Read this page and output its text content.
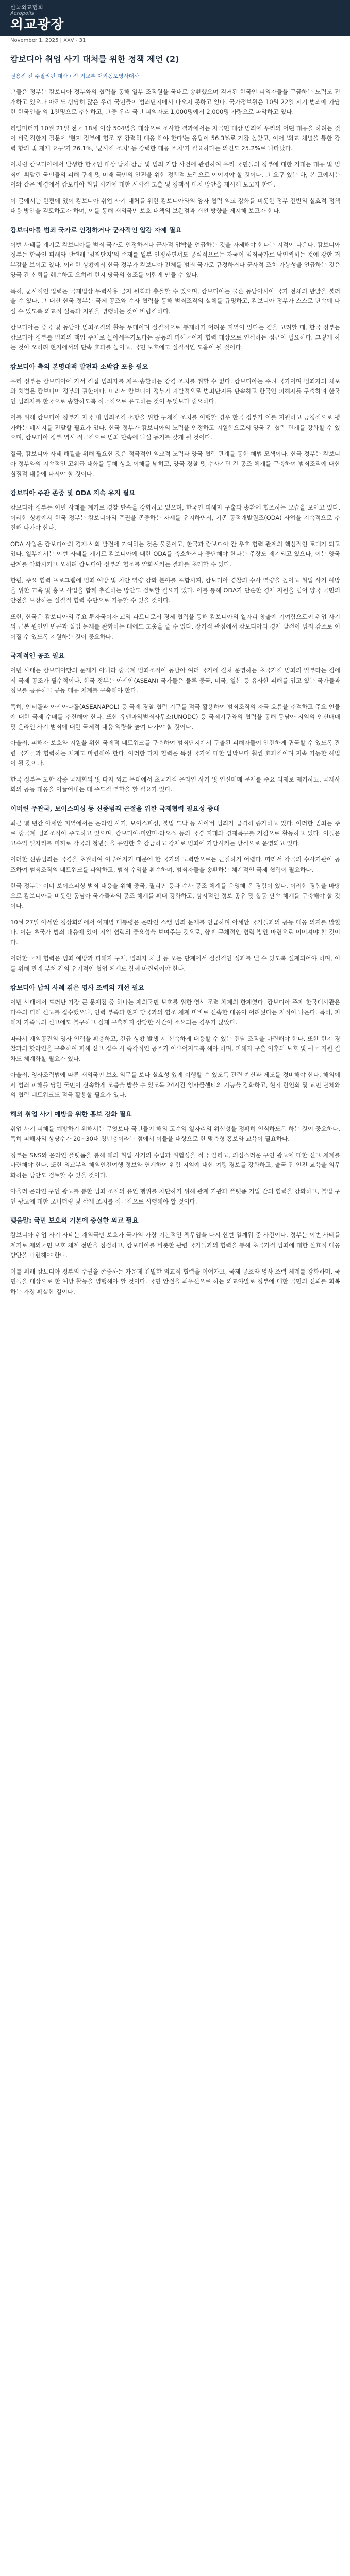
한국외교협회
Acropolis
외교광장
November 1, 2025 | XXV - 31
캄보디아 취업 사기 대처를 위한 정책 제언 (2)
권용진 전 주필리핀 대사 / 전 외교부 재외동포영사대사

그들은 정부는 캄보디아 정부와의 협력을 통해 일부 조직원을 국내로 송환했으며 검거된 한국인 피의자들을 구금하는 노력도 전개하고 있으나 아직도 상당히 많은 우리 국민들이 범죄단지에서 나오지 못하고 있다. 국가정보원은 10월 22일 시기 범죄에 가담한 한국인을 약 1천명으로 추산하고, 그중 우리 국민 피의자도 1,000명에서 2,000명 가량으로 파악하고 있다.

리얼미터가 10월 21일 전국 18세 이상 504명을 대상으로 조사한 결과에서는 자국민 대상 범죄에 우리의 어떤 대응을 하려는 것이 바람직한지 질문에 '현지 정부에 협조 후 강력히 대응 해야 한다'는 응답이 56.3%로 가장 높았고, 이어 '외교 채널을 통한 강력 항의 및 제재 요구'가 26.1%, '군사적 조치' 등 강력한 대응 조치'가 필요하다는 의견도 25.2%로 나타났다.

이처럼 캄보디아에서 발생한 한국인 대상 납치·감금 및 범죄 가담 사건에 관련하여 우리 국민들의 정부에 대한 기대는 대응 및 범죄에 휘말린 국민들의 피해 구제 및 미래 국민의 안전을 위한 정책적 노력으로 이어져야 할 것이다. 그 요구 있는 바, 본 고에서는 이와 같은 배경에서 캄보디아 취업 사기에 대한 시사점 도출 및 정책적 대처 방안을 제시해 보고자 한다.

이 글에서는 한편에 있어 캄보디아 취업 사기 대처를 위한 캄보디아와의 양자 협력 외교 강화를 비롯한 정부 전반의 실효적 정책 대응 방안을 검토하고자 하며, 이를 통해 재외국민 보호 대책의 보완점과 개선 방향을 제시해 보고자 한다.

캄보디아를 범죄 국가로 인정하거나 군사적인 압감 자제 필요

이번 사태를 계기로 캄보디아를 범죄 국가로 인정하거나 군사적 압박을 언급하는 것을 자제해야 한다는 지적이 나온다. 캄보디아 정부는 한국인 피해와 관련해 '범죄단지'의 존재를 일부 인정하면서도 공식적으로는 자국이 범죄국가로 낙인찍히는 것에 강한 거부감을 보이고 있다. 이러한 상황에서 한국 정부가 캄보디아 전체를 범죄 국가로 규정하거나 군사적 조치 가능성을 언급하는 것은 양국 간 신뢰를 훼손하고 오히려 현지 당국의 협조를 어렵게 만들 수 있다.

특히, 군사적인 압력은 국제법상 무력사용 금지 원칙과 충돌할 수 있으며, 캄보디아는 물론 동남아시아 국가 전체의 반발을 불러올 수 있다. 그 대신 한국 정부는 국제 공조와 수사 협력을 통해 범죄조직의 실체를 규명하고, 캄보디아 정부가 스스로 단속에 나설 수 있도록 외교적 설득과 지원을 병행하는 것이 바람직하다.

캄보디아는 중국 및 동남아 범죄조직의 활동 무대이며 실질적으로 통제하기 어려운 지역이 있다는 점을 고려할 때, 한국 정부는 캄보디아 정부를 범죄의 책임 주체로 몰아세우기보다는 공동의 피해국이자 협력 대상으로 인식하는 접근이 필요하다. 그렇게 하는 것이 오히려 현지에서의 단속 효과를 높이고, 국민 보호에도 실질적인 도움이 될 것이다.

캄보디아 측의 본명대책 발전과 소박감 포용 필요

우리 정부는 캄보디아에 가서 직접 범죄자를 체포·송환하는 강경 조치를 취할 수 없다. 캄보디아는 주권 국가이며 범죄자의 체포와 처벌은 캄보디아 정부의 권한이다. 따라서 캄보디아 정부가 자발적으로 범죄단지를 단속하고 한국인 피해자를 구출하며 한국인 범죄자를 한국으로 송환하도록 적극적으로 유도하는 것이 무엇보다 중요하다.

이를 위해 캄보디아 정부가 자국 내 범죄조직 소탕을 위한 구체적 조치를 이행할 경우 한국 정부가 이를 지원하고 긍정적으로 평가하는 메시지를 전달할 필요가 있다. 한국 정부가 캄보디아의 노력을 인정하고 지원함으로써 양국 간 협력 관계를 강화할 수 있으며, 캄보디아 정부 역시 적극적으로 범죄 단속에 나설 동기를 갖게 될 것이다.

결국, 캄보디아 사태 해결을 위해 필요한 것은 적극적인 외교적 노력과 양국 협력 관계를 통한 해법 모색이다. 한국 정부는 캄보디아 정부와의 지속적인 고위급 대화를 통해 상호 이해를 넓히고, 양국 경찰 및 수사기관 간 공조 체계를 구축하여 범죄조직에 대한 실질적 대응에 나서야 할 것이다.

캄보디아 주관 존중 및 ODA 지속 유지 필요

캄보디아 정부는 이번 사태를 계기로 경찰 단속을 강화하고 있으며, 한국인 피해자 구출과 송환에 협조하는 모습을 보이고 있다. 이러한 상황에서 한국 정부는 캄보디아의 주권을 존중하는 자세를 유지하면서, 기존 공적개발원조(ODA) 사업을 지속적으로 추진해 나가야 한다.

ODA 사업은 캄보디아의 경제·사회 발전에 기여하는 것은 물론이고, 한국과 캄보디아 간 우호 협력 관계의 핵심적인 토대가 되고 있다. 일부에서는 이번 사태를 계기로 캄보디아에 대한 ODA를 축소하거나 중단해야 한다는 주장도 제기되고 있으나, 이는 양국 관계를 악화시키고 오히려 캄보디아 정부의 협조를 약화시키는 결과를 초래할 수 있다.

한편, 주요 협력 프로그램에 범죄 예방 및 치안 역량 강화 분야를 포함시켜, 캄보디아 경찰의 수사 역량을 높이고 취업 사기 예방을 위한 교육 및 홍보 사업을 함께 추진하는 방안도 검토할 필요가 있다. 이를 통해 ODA가 단순한 경제 지원을 넘어 양국 국민의 안전을 보장하는 실질적 협력 수단으로 기능할 수 있을 것이다.

또한, 한국은 캄보디아의 주요 투자국이자 교역 파트너로서 경제 협력을 통해 캄보디아의 일자리 창출에 기여함으로써 취업 사기의 근본 원인인 빈곤과 실업 문제를 완화하는 데에도 도움을 줄 수 있다. 장기적 관점에서 캄보디아의 경제 발전이 범죄 감소로 이어질 수 있도록 지원하는 것이 중요하다.

국제적인 공조 필요

이번 사태는 캄보디아만의 문제가 아니라 중국계 범죄조직이 동남아 여러 국가에 걸쳐 운영하는 초국가적 범죄의 일부라는 점에서 국제 공조가 필수적이다. 한국 정부는 아세안(ASEAN) 국가들은 물론 중국, 미국, 일본 등 유사한 피해를 입고 있는 국가들과 정보를 공유하고 공동 대응 체계를 구축해야 한다.

특히, 인터폴과 아세아나폴(ASEANAPOL) 등 국제 경찰 협력 기구를 적극 활용하여 범죄조직의 자금 흐름을 추적하고 주요 인물에 대한 국제 수배를 추진해야 한다. 또한 유엔마약범죄사무소(UNODC) 등 국제기구와의 협력을 통해 동남아 지역의 인신매매 및 온라인 사기 범죄에 대한 국제적 대응 역량을 높여 나가야 할 것이다.

아울러, 피해자 보호와 지원을 위한 국제적 네트워크를 구축하여 범죄단지에서 구출된 피해자들이 안전하게 귀국할 수 있도록 관련 국가들과 협력하는 체계도 마련해야 한다. 이러한 다자 협력은 특정 국가에 대한 압박보다 훨씬 효과적이며 지속 가능한 해법이 될 것이다.

한국 정부는 또한 각종 국제회의 및 다자 외교 무대에서 초국가적 온라인 사기 및 인신매매 문제를 주요 의제로 제기하고, 국제사회의 공동 대응을 이끌어내는 데 주도적 역할을 할 필요가 있다.

이버린 주관국, 보이스피싱 등 신종범죄 근절을 위한 국제협력 필요성 증대

최근 몇 년간 아세안 지역에서는 온라인 사기, 보이스피싱, 불법 도박 등 사이버 범죄가 급격히 증가하고 있다. 이러한 범죄는 주로 중국계 범죄조직이 주도하고 있으며, 캄보디아·미얀마·라오스 등의 국경 지대와 경제특구를 거점으로 활동하고 있다. 이들은 고수익 일자리를 미끼로 각국의 청년들을 유인한 후 감금하고 강제로 범죄에 가담시키는 방식으로 운영되고 있다.

이러한 신종범죄는 국경을 초월하여 이루어지기 때문에 한 국가의 노력만으로는 근절하기 어렵다. 따라서 각국의 수사기관이 공조하여 범죄조직의 네트워크를 파악하고, 범죄 수익을 환수하며, 범죄자들을 송환하는 체계적인 국제 협력이 필요하다.

한국 정부는 이미 보이스피싱 범죄 대응을 위해 중국, 필리핀 등과 수사 공조 체계를 운영해 온 경험이 있다. 이러한 경험을 바탕으로 캄보디아를 비롯한 동남아 국가들과의 공조 체계를 확대 강화하고, 상시적인 정보 공유 및 합동 단속 체계를 구축해야 할 것이다.

10월 27일 아세안 정상회의에서 이재명 대통령은 온라인 스캠 범죄 문제를 언급하며 아세안 국가들과의 공동 대응 의지를 밝혔다. 이는 초국가 범죄 대응에 있어 지역 협력의 중요성을 보여주는 것으로, 향후 구체적인 협력 방안 마련으로 이어져야 할 것이다.

이러한 국제 협력은 범죄 예방과 피해자 구제, 범죄자 처벌 등 모든 단계에서 실질적인 성과를 낼 수 있도록 설계되어야 하며, 이를 위해 관계 부처 간의 유기적인 협업 체계도 함께 마련되어야 한다.

캄보디아 납치 사례 겪은 영사 조력의 개선 필요

이번 사태에서 드러난 가장 큰 문제점 중 하나는 재외국민 보호를 위한 영사 조력 체계의 한계였다. 캄보디아 주재 한국대사관은 다수의 피해 신고를 접수했으나, 인력 부족과 현지 당국과의 협조 체계 미비로 신속한 대응이 어려웠다는 지적이 나온다. 특히, 피해자 가족들의 신고에도 불구하고 실제 구출까지 상당한 시간이 소요되는 경우가 많았다.

따라서 재외공관의 영사 인력을 확충하고, 긴급 상황 발생 시 신속하게 대응할 수 있는 전담 조직을 마련해야 한다. 또한 현지 경찰과의 핫라인을 구축하여 피해 신고 접수 시 즉각적인 공조가 이루어지도록 해야 하며, 피해자 구출 이후의 보호 및 귀국 지원 절차도 체계화할 필요가 있다.

아울러, 영사조력법에 따른 재외국민 보호 의무를 보다 실효성 있게 이행할 수 있도록 관련 예산과 제도를 정비해야 한다. 해외에서 범죄 피해를 당한 국민이 신속하게 도움을 받을 수 있도록 24시간 영사콜센터의 기능을 강화하고, 현지 한인회 및 교민 단체와의 협력 네트워크도 적극 활용할 필요가 있다.

해외 취업 사기 예방을 위한 홍보 강화 필요

취업 사기 피해를 예방하기 위해서는 무엇보다 국민들이 해외 고수익 일자리의 위험성을 정확히 인식하도록 하는 것이 중요하다. 특히 피해자의 상당수가 20~30대 청년층이라는 점에서 이들을 대상으로 한 맞춤형 홍보와 교육이 필요하다.

정부는 SNS와 온라인 플랫폼을 통해 해외 취업 사기의 수법과 위험성을 적극 알리고, 의심스러운 구인 광고에 대한 신고 체계를 마련해야 한다. 또한 외교부의 해외안전여행 정보와 연계하여 위험 지역에 대한 여행 경보를 강화하고, 출국 전 안전 교육을 의무화하는 방안도 검토할 수 있을 것이다.

아울러 온라인 구인 광고를 통한 범죄 조직의 유인 행위를 차단하기 위해 관계 기관과 플랫폼 기업 간의 협력을 강화하고, 불법 구인 광고에 대한 모니터링 및 삭제 조치를 적극적으로 시행해야 할 것이다.

맺음말: 국민 보호의 기본에 충실한 외교 필요

캄보디아 취업 사기 사태는 재외국민 보호가 국가의 가장 기본적인 책무임을 다시 한번 일깨워 준 사건이다. 정부는 이번 사태를 계기로 재외국민 보호 체계 전반을 점검하고, 캄보디아를 비롯한 관련 국가들과의 협력을 통해 초국가적 범죄에 대한 실효적 대응 방안을 마련해야 한다.

이를 위해 캄보디아 정부의 주권을 존중하는 가운데 긴밀한 외교적 협력을 이어가고, 국제 공조와 영사 조력 체계를 강화하며, 국민들을 대상으로 한 예방 활동을 병행해야 할 것이다. 국민 안전을 최우선으로 하는 외교야말로 정부에 대한 국민의 신뢰를 회복하는 가장 확실한 길이다.
